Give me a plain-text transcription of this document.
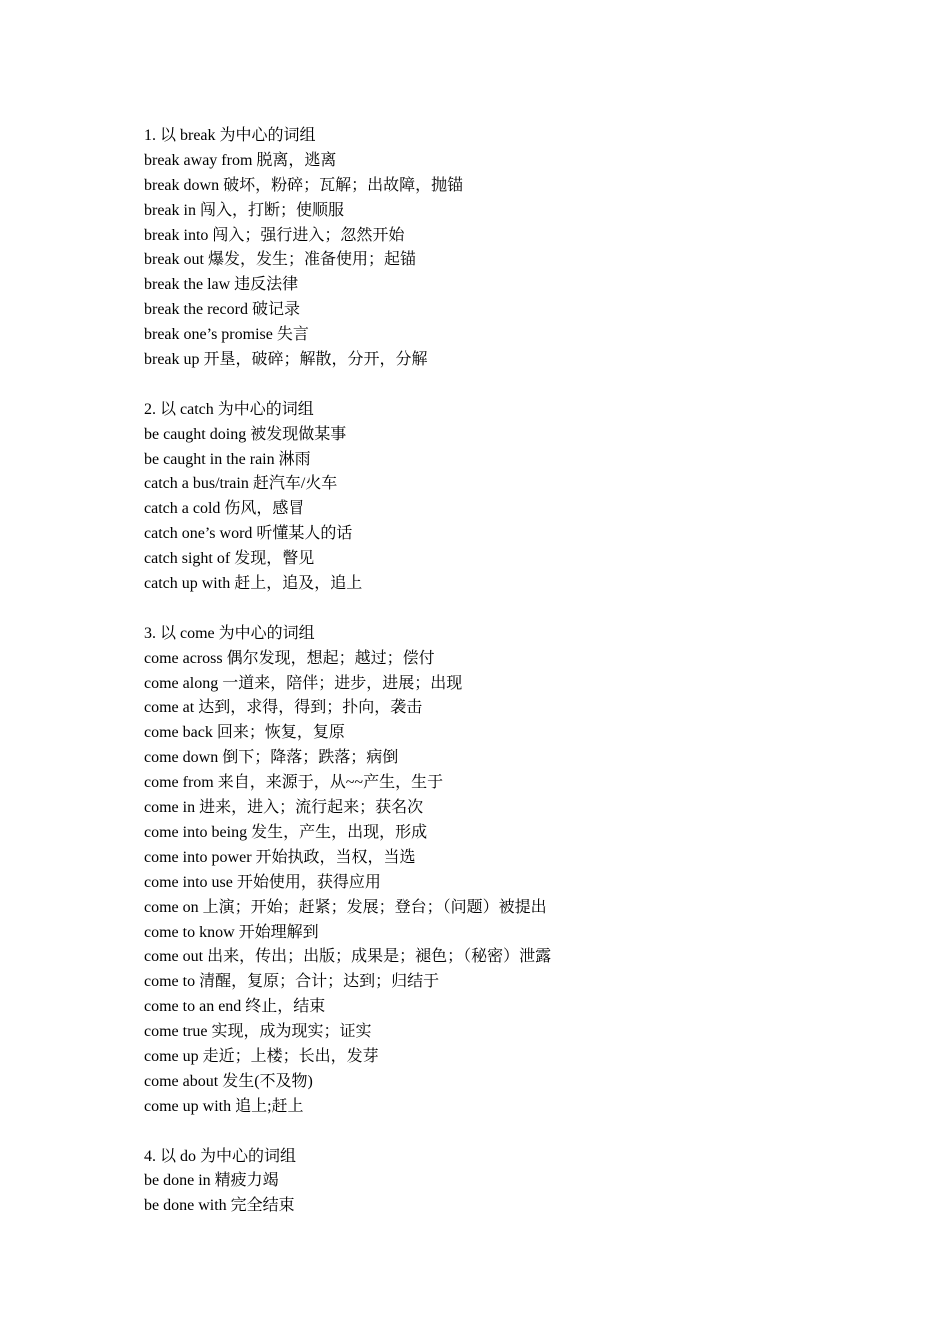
1. 以 break 为中心的词组
break away from 脱离，逃离
break down 破坏，粉碎；瓦解；出故障，抛锚
break in 闯入，打断；使顺服
break into 闯入；强行进入；忽然开始
break out 爆发，发生；准备使用；起锚
break the law 违反法律
break the record 破记录
break one’s promise 失言
break up 开垦，破碎；解散，分开，分解
2. 以 catch 为中心的词组
be caught doing 被发现做某事
be caught in the rain 淋雨
catch a bus/train 赶汽车/火车
catch a cold 伤风，感冒
catch one’s word 听懂某人的话
catch sight of 发现，瞥见
catch up with 赶上，追及，追上
3. 以 come 为中心的词组
come across 偶尔发现，想起；越过；偿付
come along 一道来，陪伴；进步，进展；出现
come at 达到，求得，得到；扑向，袭击
come back 回来；恢复，复原
come down 倒下；降落；跌落；病倒
come from 来自，来源于，从~~产生，生于
come in 进来，进入；流行起来；获名次
come into being 发生，产生，出现，形成
come into power 开始执政，当权，当选
come into use 开始使用，获得应用
come on 上演；开始；赶紧；发展；登台；（问题）被提出
come to know 开始理解到
come out 出来，传出；出版；成果是；褪色；（秘密）泄露
come to 清醒，复原；合计；达到；归结于
come to an end 终止，结束
come true 实现，成为现实；证实
come up 走近；上楼；长出，发芽
come about 发生(不及物)
come up with 追上;赶上
4. 以 do 为中心的词组
be done in 精疲力竭
be done with 完全结束
